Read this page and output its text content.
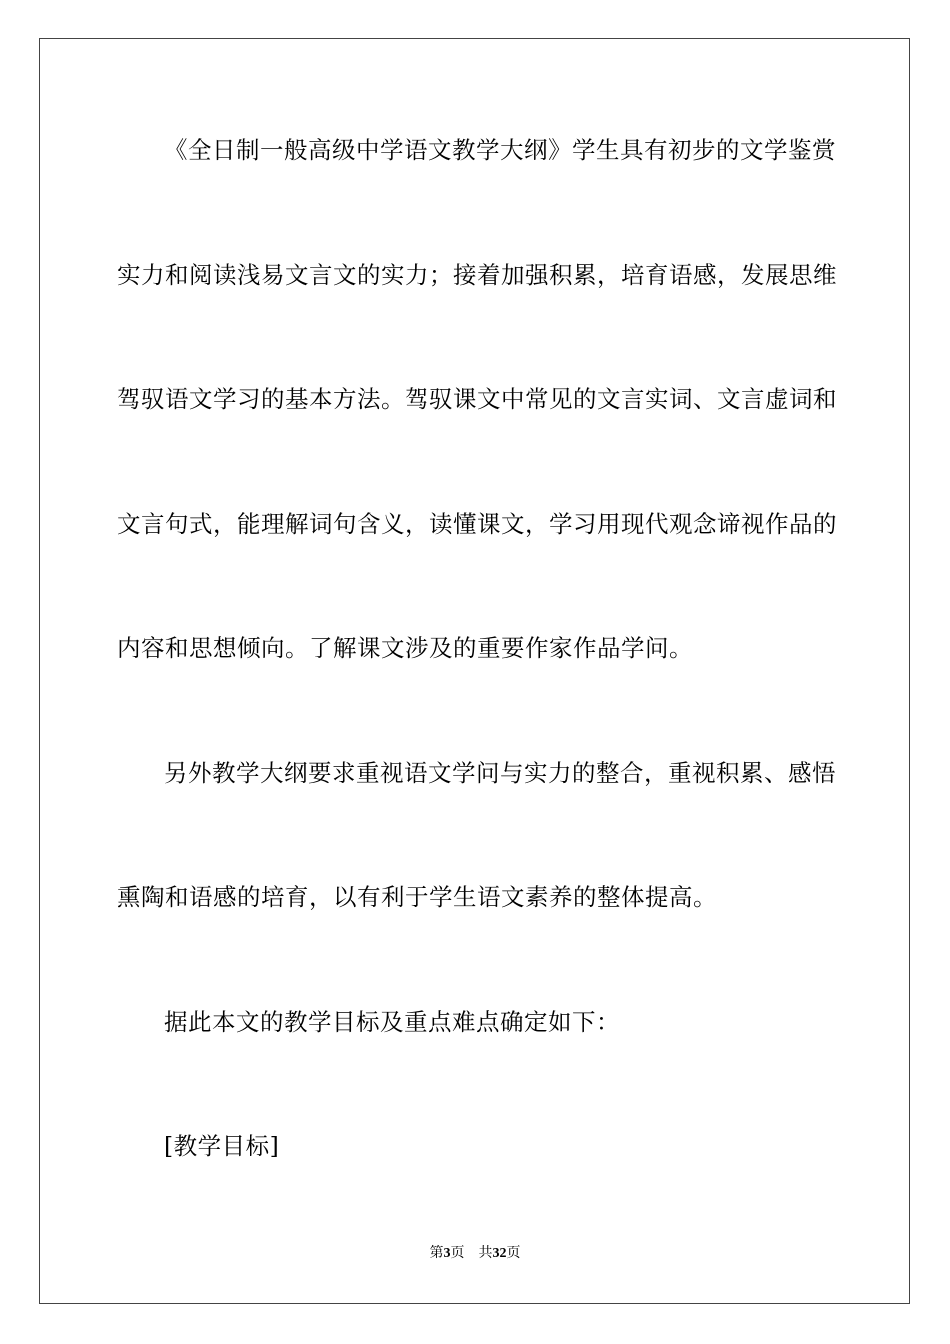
《全日制一般高级中学语文教学大纲》学生具有初步的文学鉴赏
实力和阅读浅易文言文的实力；接着加强积累，培育语感，发展思维
驾驭语文学习的基本方法。驾驭课文中常见的文言实词、文言虚词和
文言句式，能理解词句含义，读懂课文，学习用现代观念谛视作品的
内容和思想倾向。了解课文涉及的重要作家作品学问。
另外教学大纲要求重视语文学问与实力的整合，重视积累、感悟
熏陶和语感的培育，以有利于学生语文素养的整体提高。
据此本文的教学目标及重点难点确定如下：
[教学目标]
第3页 共32页
